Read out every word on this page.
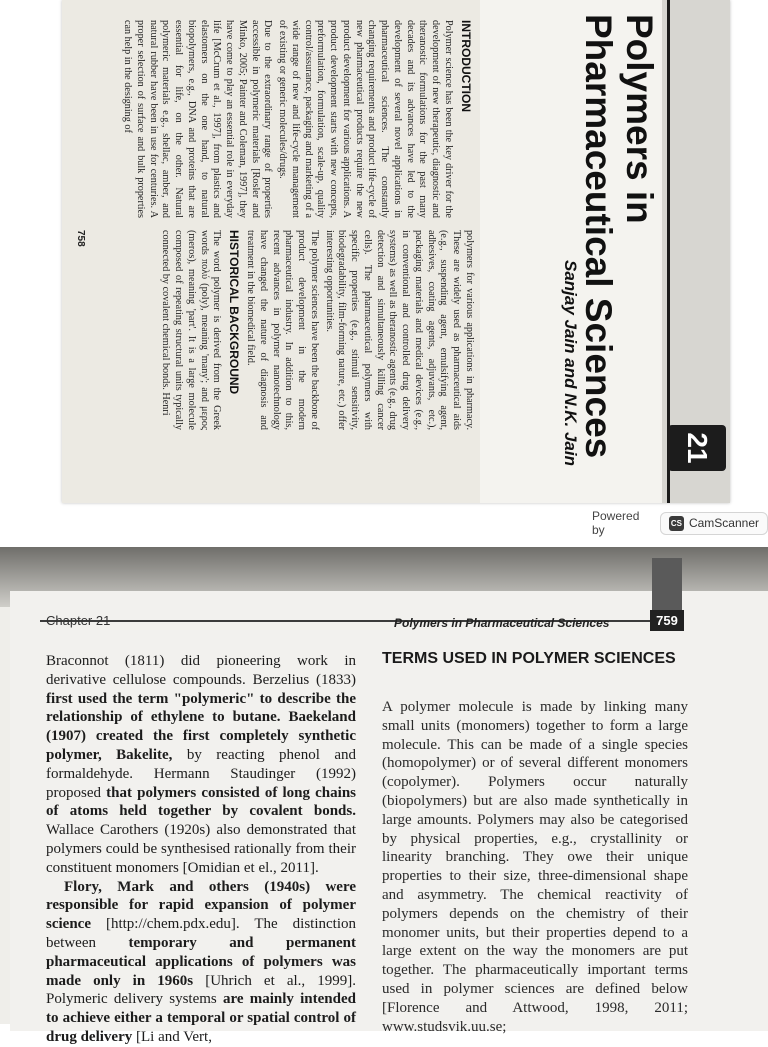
21
Polymers in Pharmaceutical Sciences
Sanjay Jain and N.K. Jain
INTRODUCTION

Polymer science has been the key driver for the development of new therapeutic, diagnostic and theranostic formulations for the past many decades and its advances have led to the development of several novel applications in pharmaceutical sciences. The constantly changing requirements and product life-cycle of new pharmaceutical products require the new product development for various applications. A product development starts with new concepts, preformulation, formulation, scale-up, quality control/assurance, packaging and marketing of a wide range of new and life-cycle management of existing or generic molecules/drugs.

Due to the extraordinary range of properties accessible in polymeric materials [Rosler and Minko, 2005; Painter and Coleman, 1997], they have come to play an essential role in everyday life [McCrum et al., 1997], from plastics and elastomers on the one hand, to natural biopolymers, e.g., DNA and proteins that are essential for life, on the other. Natural polymeric materials e.g., shellac, amber, and natural rubber have been in use for centuries. A proper selection of surface and bulk properties can help in the designing of

polymers for various applications in pharmacy. These are widely used as pharmaceutical aids (e.g., suspending agent, emulsifying agent, adhesives, coating agents, adjuvants, etc.), packaging materials and medical devices (e.g., in conventional and controlled drug delivery systems) as well as theranostic agents (e.g., drug detection and simultaneously killing cancer cells). The pharmaceutical polymers with specific properties (e.g., stimuli sensitivity, biodegradability, film-forming nature, etc.) offer interesting opportunities.

The polymer sciences have been the backbone of product development in the modern pharmaceutical industry. In addition to this, recent advances in polymer nanotechnology have changed the nature of diagnosis and treatment in the biomedical field.

HISTORICAL BACKGROUND

The word polymer is derived from the Greek words πολύ (poly), meaning 'many'; and μερος (meros), meaning 'part'. It is a large molecule composed of repeating structural units typically connected by covalent chemical bonds. Henri

758
Powered by	CS CamScanner
Chapter 21	Polymers in Pharmaceutical Sciences	759

Braconnot (1811) did pioneering work in derivative cellulose compounds. Berzelius (1833) first used the term "polymeric" to describe the relationship of ethylene to butane. Baekeland (1907) created the first completely synthetic polymer, Bakelite, by reacting phenol and formaldehyde. Hermann Staudinger (1992) proposed that polymers consisted of long chains of atoms held together by covalent bonds. Wallace Carothers (1920s) also demonstrated that polymers could be synthesised rationally from their constituent monomers [Omidian et el., 2011].

Flory, Mark and others (1940s) were responsible for rapid expansion of polymer science [http://chem.pdx.edu]. The distinction between temporary and permanent pharmaceutical applications of polymers was made only in 1960s [Uhrich et al., 1999]. Polymeric delivery systems are mainly intended to achieve either a temporal or spatial control of drug delivery [Li and Vert,

TERMS USED IN POLYMER SCIENCES

A polymer molecule is made by linking many small units (monomers) together to form a large molecule. This can be made of a single species (homopolymer) or of several different monomers (copolymer). Polymers occur naturally (biopolymers) but are also made synthetically in large amounts. Polymers may also be categorised by physical properties, e.g., crystallinity or linearity branching. They owe their unique properties to their size, three-dimensional shape and asymmetry. The chemical reactivity of polymers depends on the chemistry of their monomer units, but their properties depend to a large extent on the way the monomers are put together. The pharmaceutically important terms used in polymer sciences are defined below [Florence and Attwood, 1998, 2011; www.studsvik.uu.se;
